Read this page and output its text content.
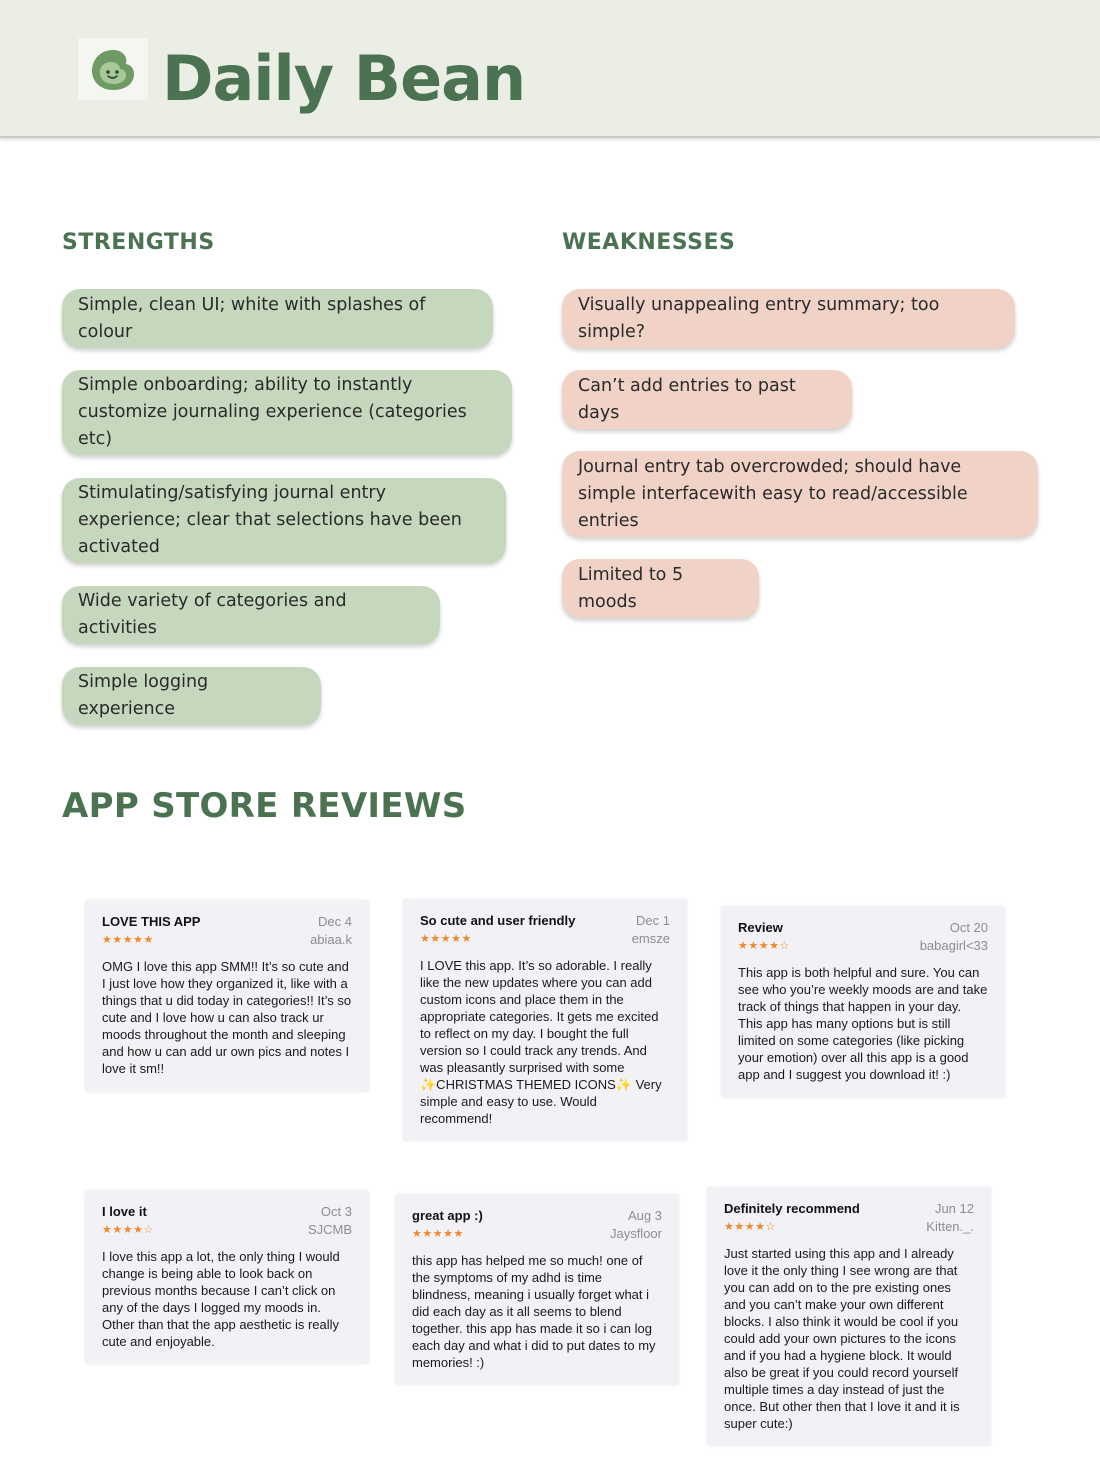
Daily Bean
STRENGTHS
Simple, clean UI; white with splashes of colour
Simple onboarding; ability to instantly customize journaling experience (categories etc)
Stimulating/satisfying journal entry experience; clear that selections have been activated
Wide variety of categories and activities
Simple logging experience
WEAKNESSES
Visually unappealing entry summary; too simple?
Can’t add entries to past days
Journal entry tab overcrowded; should have simple interfacewith easy to read/accessible entries
Limited to 5 moods
APP STORE REVIEWS
LOVE THIS APP	Dec 4
★★★★★	abiaa.k
OMG I love this app SMM!! It’s so cute and I just love how they organized it, like with a things that u did today in categories!! It’s so cute and I love how u can also track ur moods throughout the month and sleeping and how u can add ur own pics and notes I love it sm!!
So cute and user friendly	Dec 1
★★★★★	emsze
I LOVE this app. It’s so adorable. I really like the new updates where you can add custom icons and place them in the appropriate categories. It gets me excited to reflect on my day. I bought the full version so I could track any trends. And was pleasantly surprised with some ✨CHRISTMAS THEMED ICONS✨ Very simple and easy to use. Would recommend!
Review	Oct 20
★★★★☆	babagirl<33
This app is both helpful and sure. You can see who you’re weekly moods are and take track of things that happen in your day. This app has many options but is still limited on some categories (like picking your emotion) over all this app is a good app and I suggest you download it! :)
I love it	Oct 3
★★★★☆	SJCMB
I love this app a lot, the only thing I would change is being able to look back on previous months because I can’t click on any of the days I logged my moods in. Other than that the app aesthetic is really cute and enjoyable.
great app :)	Aug 3
★★★★★	Jaysfloor
this app has helped me so much! one of the symptoms of my adhd is time blindness, meaning i usually forget what i did each day as it all seems to blend together. this app has made it so i can log each day and what i did to put dates to my memories! :)
Definitely recommend	Jun 12
★★★★☆	Kitten._.
Just started using this app and I already love it the only thing I see wrong are that you can add on to the pre existing ones and you can’t make your own different blocks. I also think it would be cool if you could add your own pictures to the icons and if you had a hygiene block. It would also be great if you could record yourself multiple times a day instead of just the once. But other then that I love it and it is super cute:)
